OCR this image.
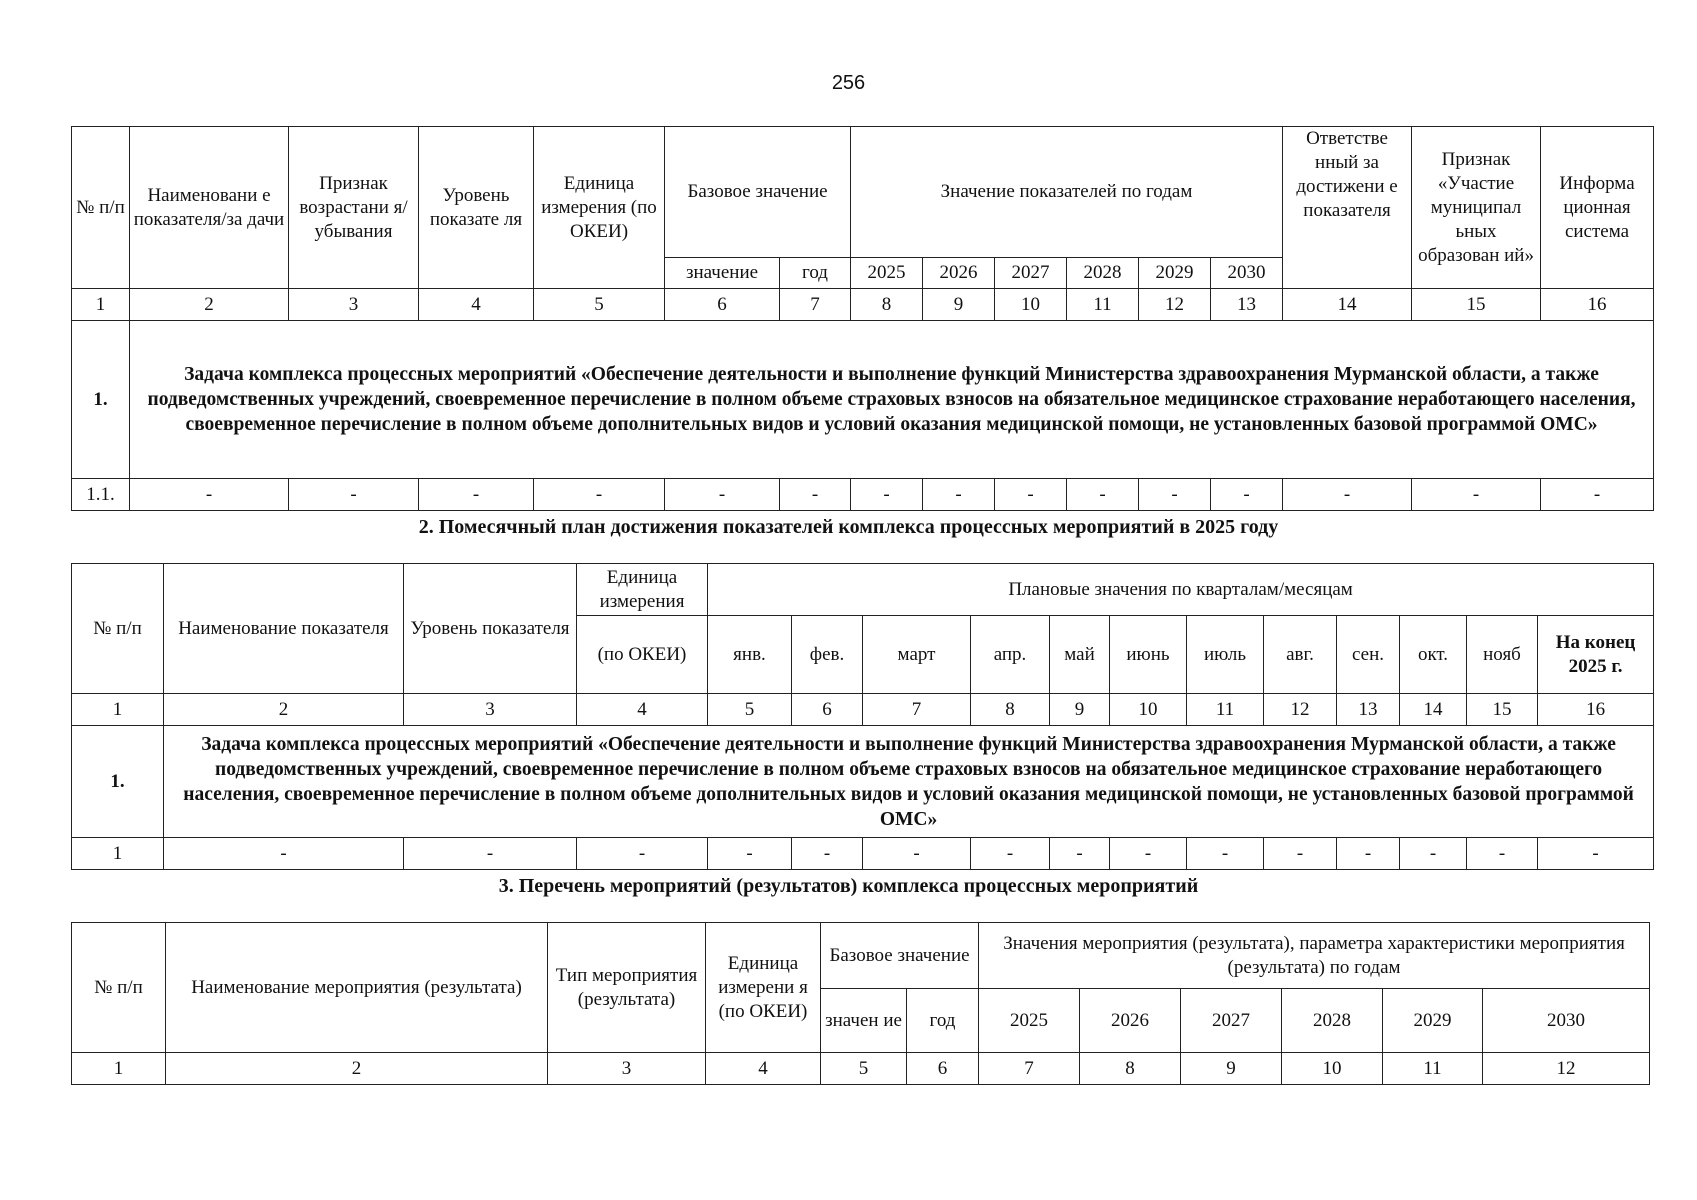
256
№ п/п	Наименовани е показателя/за дачи	Признак возрастани я/ убывания	Уровень показате ля	Единица измерения (по ОКЕИ)	Базовое значение		Значение показателей по годам						Ответстве нный за достижени е показателя	Признак «Участие муниципал ьных образован ий»	Информа ционная система
					значение	год	2025	2026	2027	2028	2029	2030			
1	2	3	4	5	6	7	8	9	10	11	12	13	14	15	16
1.	Задача комплекса процессных мероприятий «Обеспечение деятельности и выполнение функций Министерства здравоохранения Мурманской области, а также подведомственных учреждений, своевременное перечисление в полном объеме страховых взносов на обязательное медицинское страхование неработающего населения, своевременное перечисление в полном объеме дополнительных видов и условий оказания медицинской помощи, не установленных базовой программой ОМС»														
1.1.	-	-	-	-	-	-	-	-	-	-	-	-	-	-	-
2. Помесячный план достижения показателей комплекса процессных мероприятий в 2025 году
№ п/п	Наименование показателя	Уровень показателя	Единица измерения	Плановые значения по кварталам/месяцам											
			(по ОКЕИ)	янв.	фев.	март	апр.	май	июнь	июль	авг.	сен.	окт.	нояб	На конец 2025 г.
1	2	3	4	5	6	7	8	9	10	11	12	13	14	15	16
1.	Задача комплекса процессных мероприятий «Обеспечение деятельности и выполнение функций Министерства здравоохранения Мурманской области, а также подведомственных учреждений, своевременное перечисление в полном объеме страховых взносов на обязательное медицинское страхование неработающего населения, своевременное перечисление в полном объеме дополнительных видов и условий оказания медицинской помощи, не установленных базовой программой ОМС»														
1	-	-	-	-	-	-	-	-	-	-	-	-	-	-	-
3. Перечень мероприятий (результатов) комплекса процессных мероприятий
№ п/п	Наименование мероприятия (результата)	Тип мероприятия (результата)	Единица измерени я (по ОКЕИ)	Базовое значение		Значения мероприятия (результата), параметра характеристики мероприятия (результата) по годам					
				значен ие	год	2025	2026	2027	2028	2029	2030
1	2	3	4	5	6	7	8	9	10	11	12
